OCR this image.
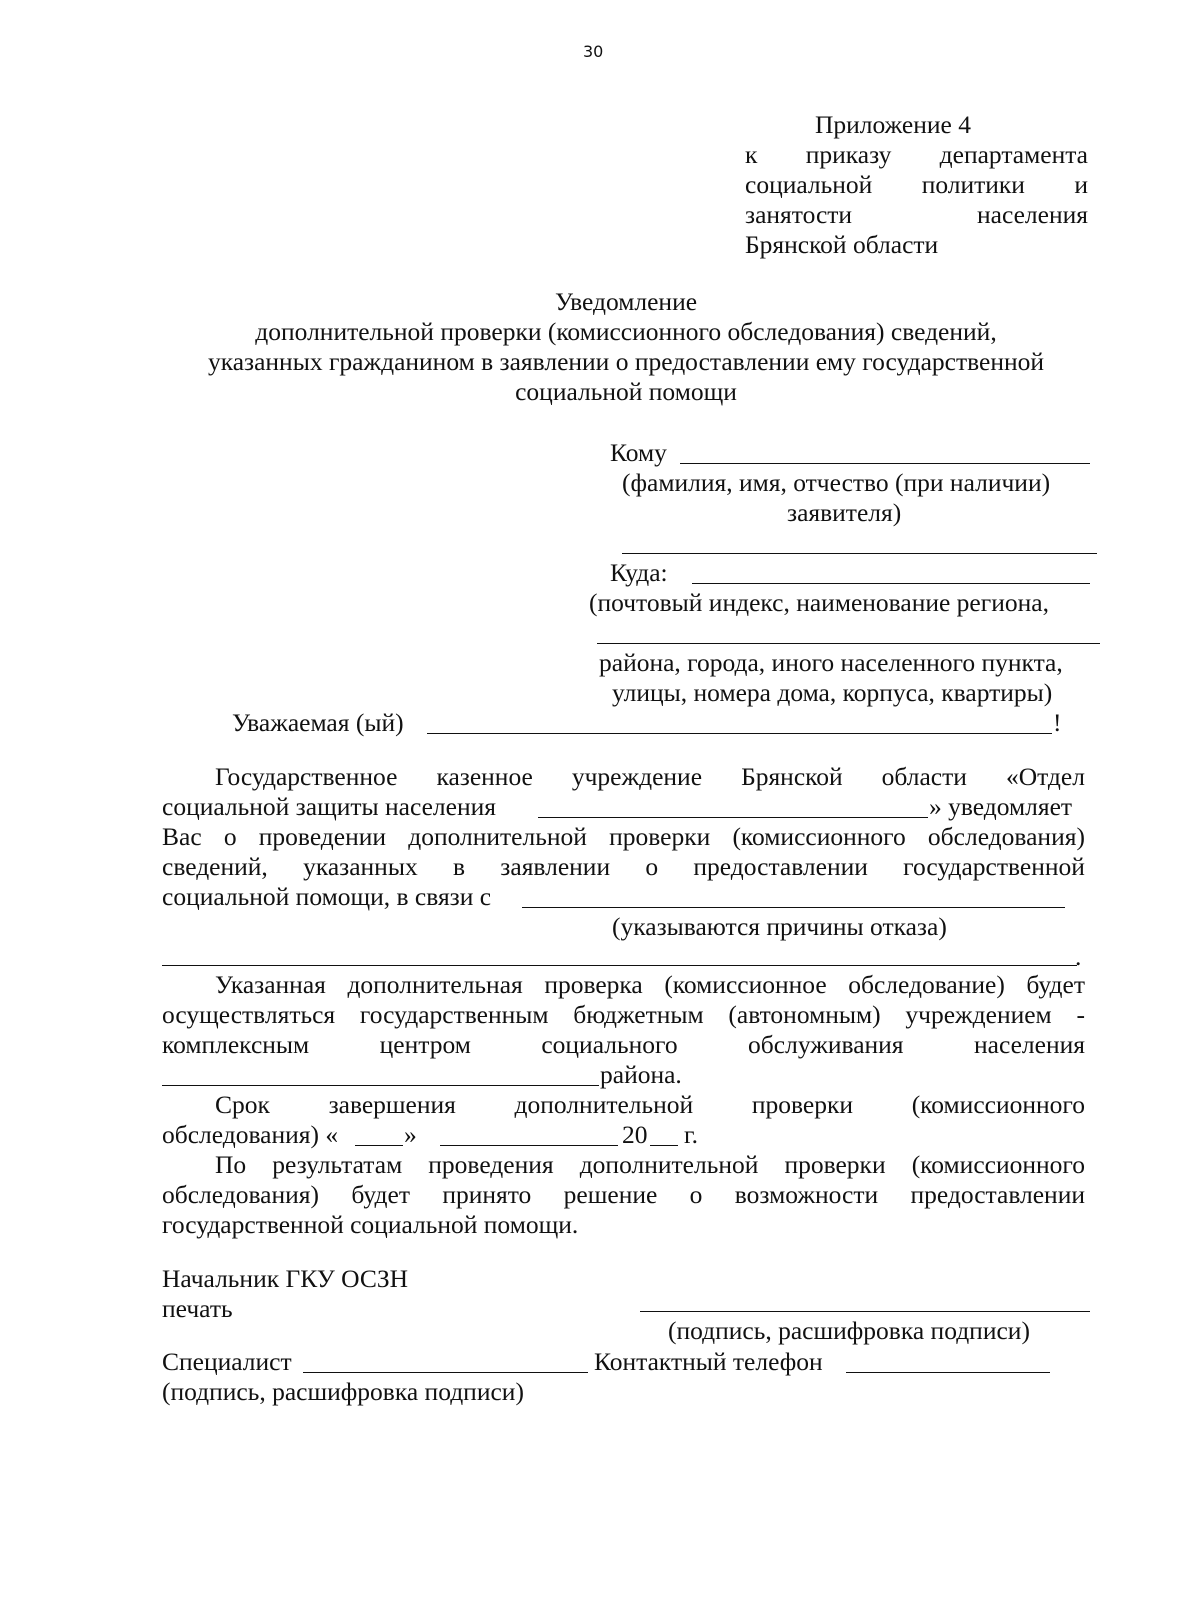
30
Приложение 4
к приказу департамента
социальной политики и
занятости	населения
Брянской области
Уведомление
дополнительной проверки (комиссионного обследования) сведений,
указанных гражданином в заявлении о предоставлении ему государственной
социальной помощи
Кому
(фамилия, имя, отчество (при наличии)
заявителя)
Куда:
(почтовый индекс, наименование региона,
района, города, иного населенного пункта,
улицы, номера дома, корпуса, квартиры)
Уважаемая (ый)	!
Государственное казенное учреждение Брянской области «Отдел
социальной защиты населения	» уведомляет
Вас о проведении дополнительной проверки (комиссионного обследования)
сведений, указанных в заявлении о предоставлении государственной
социальной помощи, в связи с
(указываются причины отказа)
.
Указанная дополнительная проверка (комиссионное обследование) будет
осуществляться государственным бюджетным (автономным) учреждением -
комплексным	центром	социального	обслуживания	населения
района.
Срок завершения дополнительной проверки (комиссионного
обследования) «	»	20 г.
По результатам проведения дополнительной проверки (комиссионного
обследования) будет принято решение о возможности предоставлении
государственной социальной помощи.
Начальник ГКУ ОСЗН
печать
(подпись, расшифровка подписи)
Специалист	Контактный телефон
(подпись, расшифровка подписи)
